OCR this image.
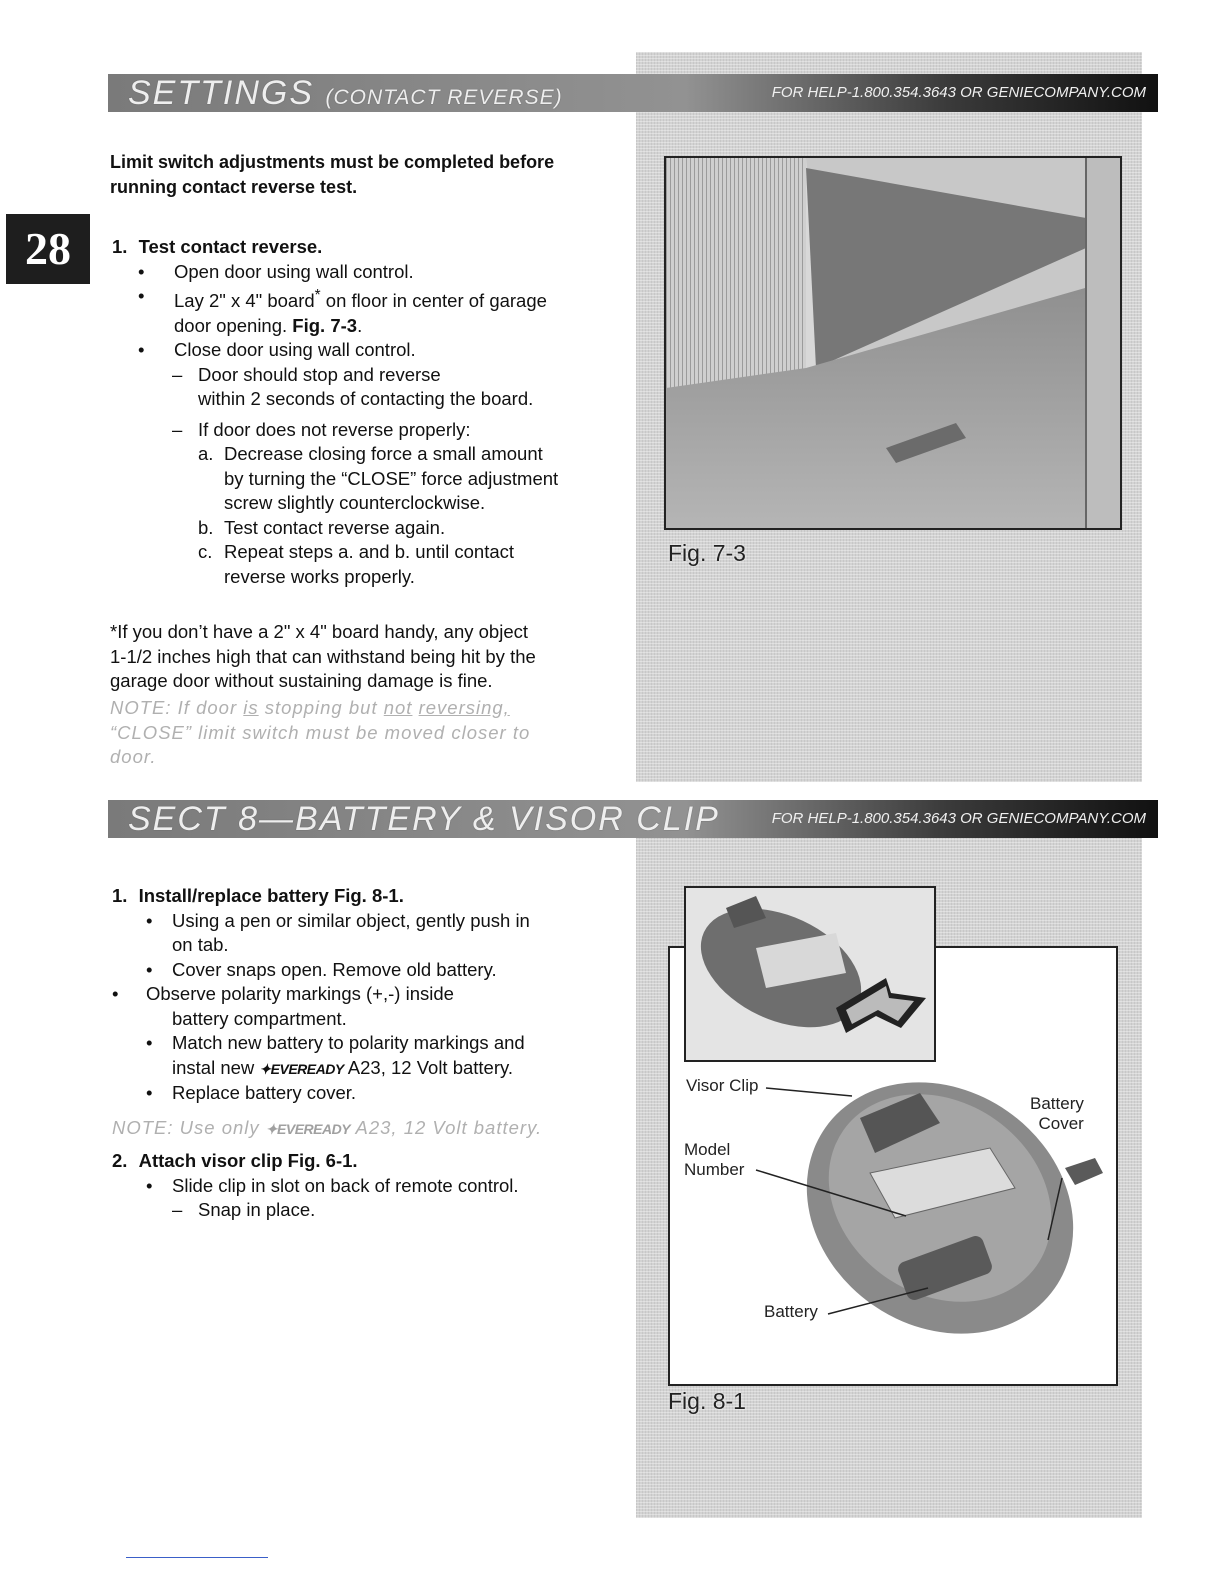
28
SETTINGS (CONTACT REVERSE)	FOR HELP-1.800.354.3643 OR GENIECOMPANY.COM
Limit switch adjustments must be completed before running contact reverse test.
1. Test contact reverse.
•	Open door using wall control.
•	Lay 2" x 4" board* on floor in center of garage
door opening. Fig. 7-3.
•	Close door using wall control.
– Door should stop and reverse
within 2 seconds of contacting the board.
– If door does not reverse properly:
a. Decrease closing force a small amount
by turning the “CLOSE” force adjustment
screw slightly counterclockwise.
b. Test contact reverse again.
c. Repeat steps a. and b. until contact
reverse works properly.
*If you don’t have a 2" x 4" board handy, any object
1-1/2 inches high that can withstand being hit by the
garage door without sustaining damage is fine.
NOTE: If door is stopping but not reversing,
“CLOSE” limit switch must be moved closer to
door.
Fig. 7-3
SECT 8—BATTERY & VISOR CLIP	FOR HELP-1.800.354.3643 OR GENIECOMPANY.COM
1. Install/replace battery Fig. 8-1.
•	Using a pen or similar object, gently push in
on tab.
•	Cover snaps open. Remove old battery.
•	Observe polarity markings (+,-) inside
battery compartment.
•	Match new battery to polarity markings and
instal new ✦EVEREADY A23, 12 Volt battery.
•	Replace battery cover.
NOTE: Use only ✦EVEREADY A23, 12 Volt battery.
2. Attach visor clip Fig. 6-1.
•	Slide clip in slot on back of remote control.
– Snap in place.
Visor Clip
Model
Number
Battery
Cover
Battery
Fig. 8-1
